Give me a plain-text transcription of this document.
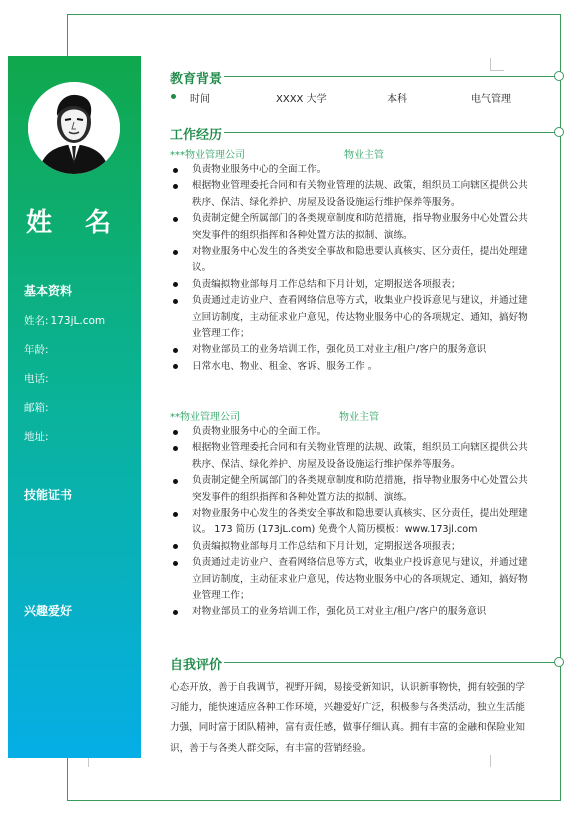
姓 名
基本资料
姓名: 173jL.com
年龄:
电话:
邮箱:
地址:
技能证书
兴趣爱好
教育背景
时间	XXXX 大学	本科	电气管理
工作经历
***物业管理公司	物业主管
负责物业服务中心的全面工作。
根据物业管理委托合同和有关物业管理的法规、政策，组织员工向辖区提供公共秩序、保洁、绿化养护、房屋及设备设施运行维护保养等服务。
负责制定健全所属部门的各类规章制度和防范措施，指导物业服务中心处置公共突发事件的组织指挥和各种处置方法的拟制、演练。
对物业服务中心发生的各类安全事故和隐患要认真核实、区分责任，提出处理建议。
负责编拟物业部每月工作总结和下月计划，定期报送各项报表；
负责通过走访业户、查看网络信息等方式，收集业户投诉意见与建议，并通过建立回访制度，主动征求业户意见，传达物业服务中心的各项规定、通知，搞好物业管理工作；
对物业部员工的业务培训工作，强化员工对业主/租户/客户的服务意识
日常水电、物业、租金、客诉、服务工作 。
**物业管理公司	物业主管
负责物业服务中心的全面工作。
根据物业管理委托合同和有关物业管理的法规、政策，组织员工向辖区提供公共秩序、保洁、绿化养护、房屋及设备设施运行维护保养等服务。
负责制定健全所属部门的各类规章制度和防范措施，指导物业服务中心处置公共突发事件的组织指挥和各种处置方法的拟制、演练。
对物业服务中心发生的各类安全事故和隐患要认真核实、区分责任，提出处理建议。 173 简历 (173jL.com) 免费个人简历模板：www.173jl.com
负责编拟物业部每月工作总结和下月计划，定期报送各项报表；
负责通过走访业户、查看网络信息等方式，收集业户投诉意见与建议，并通过建立回访制度，主动征求业户意见，传达物业服务中心的各项规定、通知，搞好物业管理工作；
对物业部员工的业务培训工作，强化员工对业主/租户/客户的服务意识
自我评价
心态开放，善于自我调节，视野开阔，易接受新知识，认识新事物快，拥有较强的学习能力，能快速适应各种工作环境，兴趣爱好广泛，积极参与各类活动，独立生活能力强，同时富于团队精神，富有责任感，做事仔细认真。拥有丰富的金融和保险业知识，善于与各类人群交际，有丰富的营销经验。
